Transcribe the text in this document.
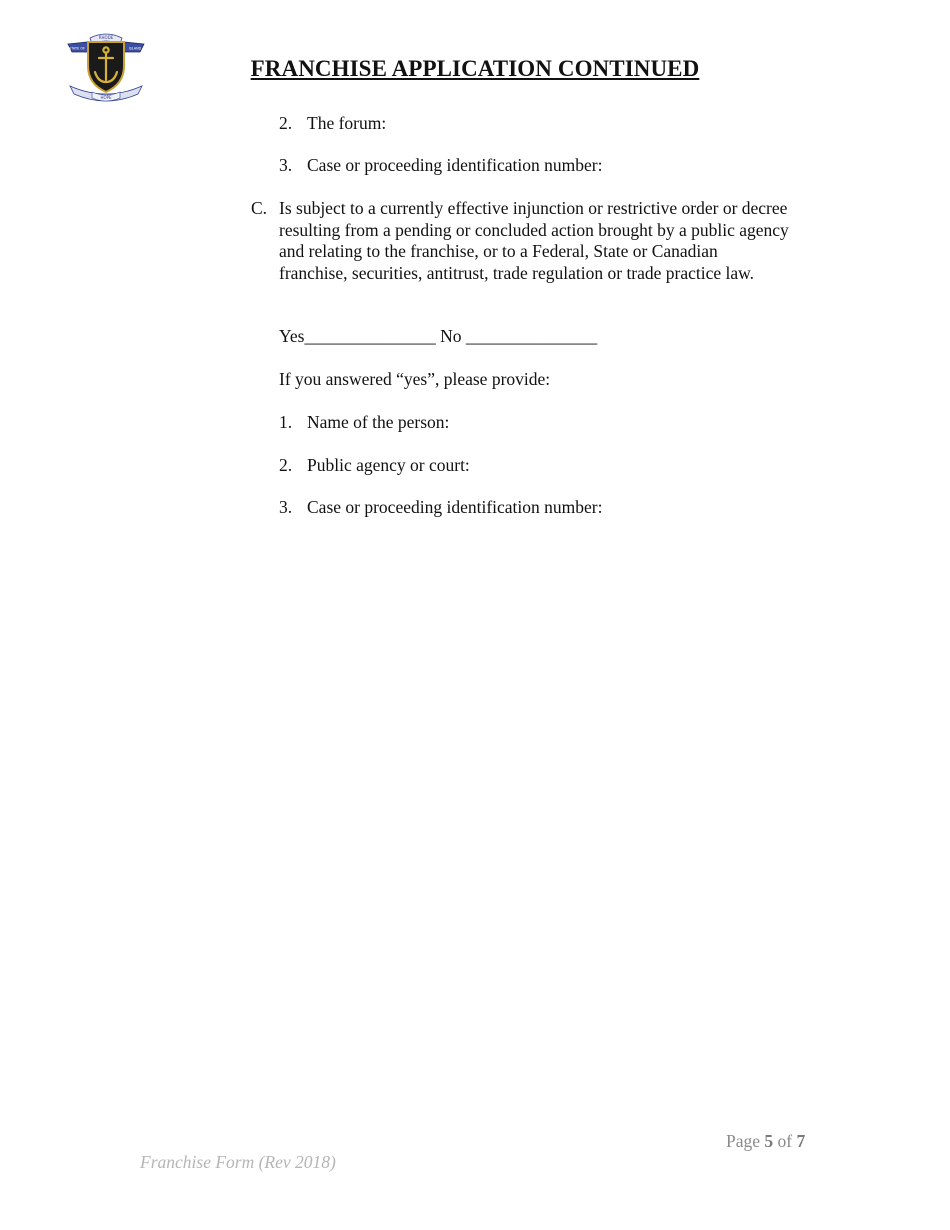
RHODE
STATE OF	ISLAND
HOPE
FRANCHISE APPLICATION CONTINUED
2. The forum:
3. Case or proceeding identification number:
C. Is subject to a currently effective injunction or restrictive order or decree resulting from a pending or concluded action brought by a public agency and relating to the franchise, or to a Federal, State or Canadian franchise, securities, antitrust, trade regulation or trade practice law.
Yes_______________ No _______________
If you answered “yes”, please provide:
1. Name of the person:
2. Public agency or court:
3. Case or proceeding identification number:
Page 5 of 7
Franchise Form (Rev 2018)
